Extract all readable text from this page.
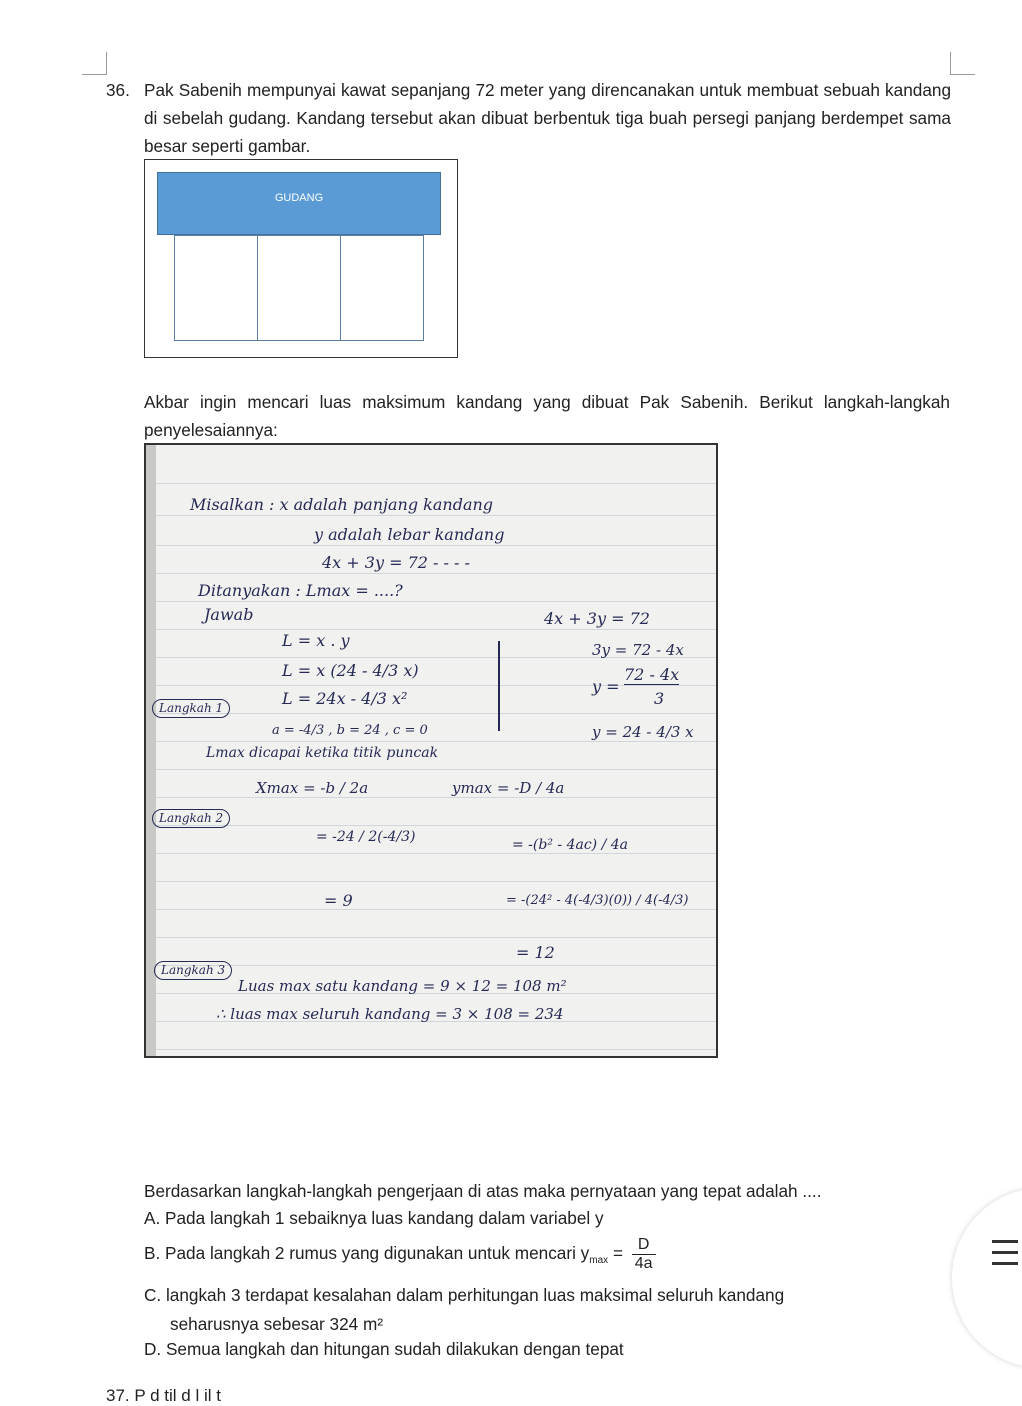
36. Pak Sabenih mempunyai kawat sepanjang 72 meter yang direncanakan untuk membuat sebuah kandang di sebelah gudang. Kandang tersebut akan dibuat berbentuk tiga buah persegi panjang berdempet sama besar seperti gambar.
GUDANG
Akbar ingin mencari luas maksimum kandang yang dibuat Pak Sabenih. Berikut langkah-langkah penyelesaiannya:
Misalkan : x adalah panjang kandang
y adalah lebar kandang
4x + 3y = 72 - - - -
Ditanyakan : Lmax = ....?
Jawab	4x + 3y = 72
3y = 72 - 4x
y =
72 - 4x
3
y = 24 - 4/3 x
L = x . y
L = x (24 - 4/3 x)
L = 24x - 4/3 x²
a = -4/3 , b = 24 , c = 0
Langkah 1
Lmax dicapai ketika titik puncak
Xmax = -b / 2a	ymax = -D / 4a
Langkah 2
= -24 / 2(-4/3)
= 9
= -(b² - 4ac) / 4a
= -(24² - 4(-4/3)(0)) / 4(-4/3)
= 12
Langkah 3
Luas max satu kandang = 9 × 12 = 108 m²
∴ luas max seluruh kandang = 3 × 108 = 234
Berdasarkan langkah-langkah pengerjaan di atas maka pernyataan yang tepat adalah ....
A. Pada langkah 1 sebaiknya luas kandang dalam variabel y
B. Pada langkah 2 rumus yang digunakan untuk mencari $y_{max} = \frac{D}{4a}$
C. langkah 3 terdapat kesalahan dalam perhitungan luas maksimal seluruh kandang
seharusnya sebesar 324 m²
D. Semua langkah dan hitungan sudah dilakukan dengan tepat
37. P d til d l il t
